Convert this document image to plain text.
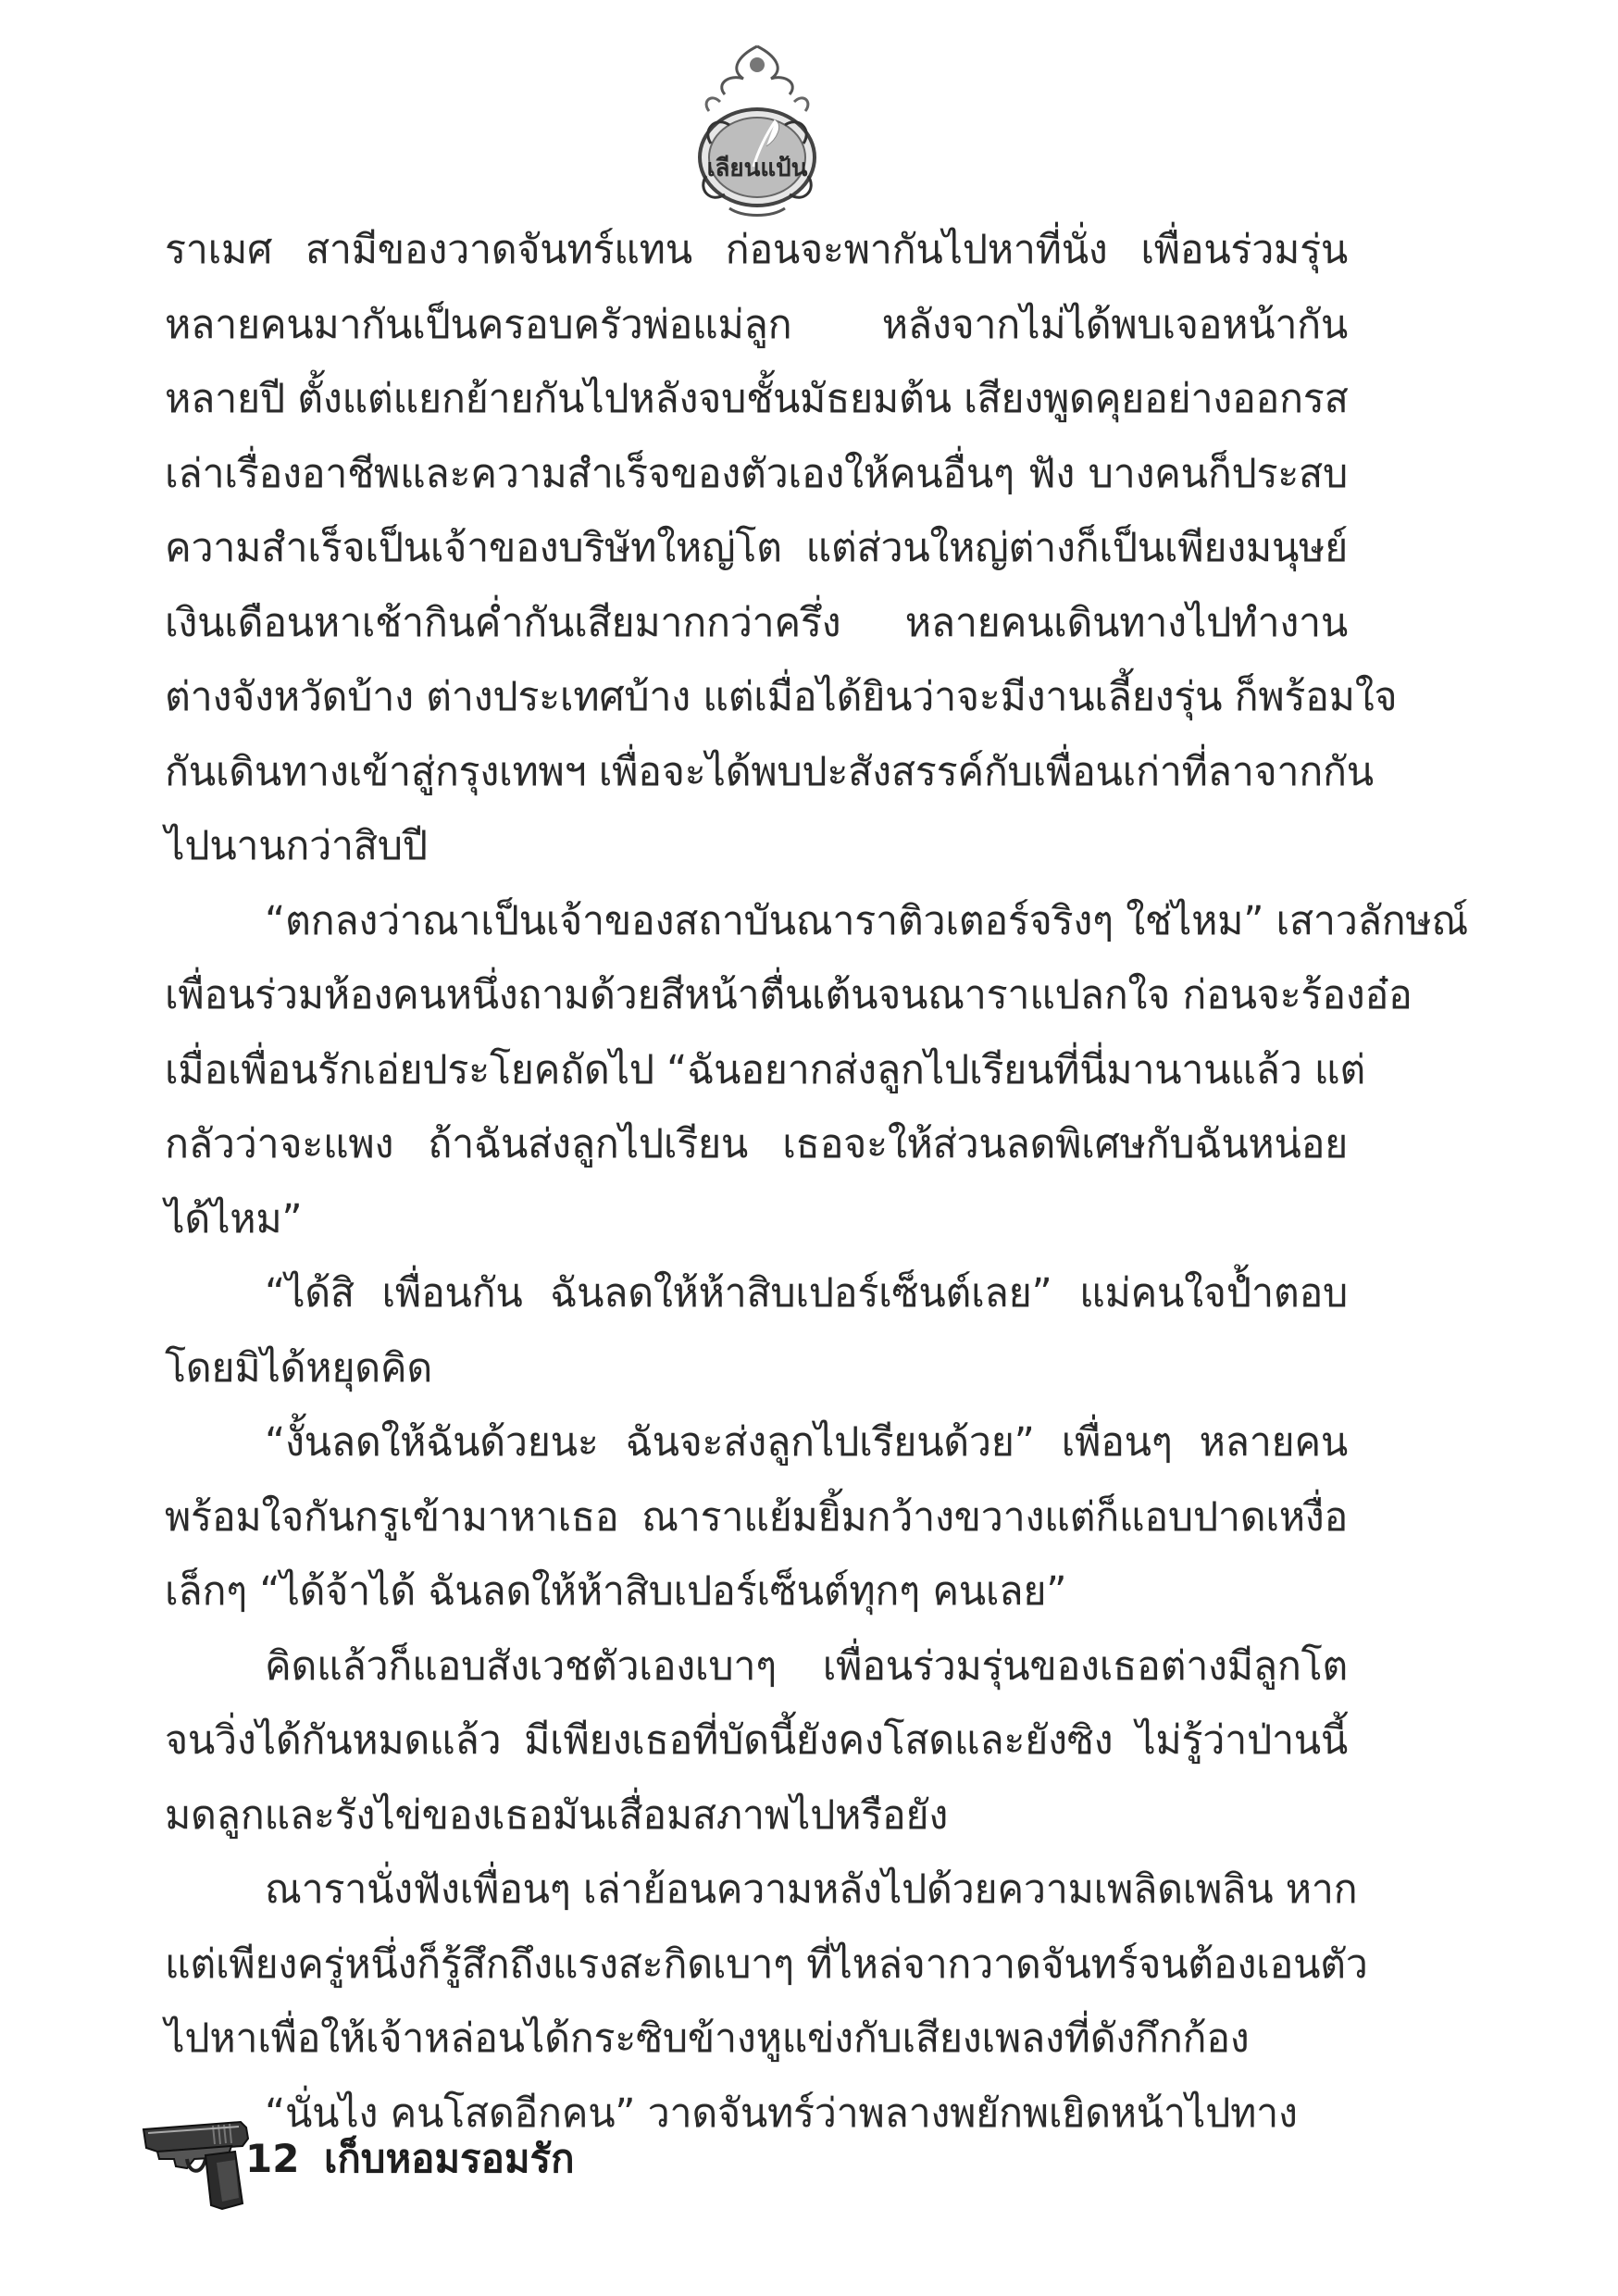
เลียนแป้น
ราเมศ สามีของวาดจันทร์แทน ก่อนจะพากันไปหาที่นั่ง เพื่อนร่วมรุ่น
หลายคนมากันเป็นครอบครัวพ่อแม่ลูก หลังจากไม่ได้พบเจอหน้ากัน
หลายปี ตั้งแต่แยกย้ายกันไปหลังจบชั้นมัธยมต้น เสียงพูดคุยอย่างออกรส
เล่าเรื่องอาชีพและความสำเร็จของตัวเองให้คนอื่นๆ ฟัง บางคนก็ประสบ
ความสำเร็จเป็นเจ้าของบริษัทใหญ่โต แต่ส่วนใหญ่ต่างก็เป็นเพียงมนุษย์
เงินเดือนหาเช้ากินค่ำกันเสียมากกว่าครึ่ง หลายคนเดินทางไปทำงาน
ต่างจังหวัดบ้าง ต่างประเทศบ้าง แต่เมื่อได้ยินว่าจะมีงานเลี้ยงรุ่น ก็พร้อมใจ
กันเดินทางเข้าสู่กรุงเทพฯ เพื่อจะได้พบปะสังสรรค์กับเพื่อนเก่าที่ลาจากกัน
ไปนานกว่าสิบปี
“ตกลงว่าณาเป็นเจ้าของสถาบันณาราติวเตอร์จริงๆ ใช่ไหม” เสาวลักษณ์
เพื่อนร่วมห้องคนหนึ่งถามด้วยสีหน้าตื่นเต้นจนณาราแปลกใจ ก่อนจะร้องอ๋อ
เมื่อเพื่อนรักเอ่ยประโยคถัดไป “ฉันอยากส่งลูกไปเรียนที่นี่มานานแล้ว แต่
กลัวว่าจะแพง ถ้าฉันส่งลูกไปเรียน เธอจะให้ส่วนลดพิเศษกับฉันหน่อย
ได้ไหม”
“ได้สิ เพื่อนกัน ฉันลดให้ห้าสิบเปอร์เซ็นต์เลย” แม่คนใจป้ำตอบ
โดยมิได้หยุดคิด
“งั้นลดให้ฉันด้วยนะ ฉันจะส่งลูกไปเรียนด้วย” เพื่อนๆ หลายคน
พร้อมใจกันกรูเข้ามาหาเธอ ณาราแย้มยิ้มกว้างขวางแต่ก็แอบปาดเหงื่อ
เล็กๆ “ได้จ้าได้ ฉันลดให้ห้าสิบเปอร์เซ็นต์ทุกๆ คนเลย”
คิดแล้วก็แอบสังเวชตัวเองเบาๆ เพื่อนร่วมรุ่นของเธอต่างมีลูกโต
จนวิ่งได้กันหมดแล้ว มีเพียงเธอที่บัดนี้ยังคงโสดและยังซิง ไม่รู้ว่าป่านนี้
มดลูกและรังไข่ของเธอมันเสื่อมสภาพไปหรือยัง
ณารานั่งฟังเพื่อนๆ เล่าย้อนความหลังไปด้วยความเพลิดเพลิน หาก
แต่เพียงครู่หนึ่งก็รู้สึกถึงแรงสะกิดเบาๆ ที่ไหล่จากวาดจันทร์จนต้องเอนตัว
ไปหาเพื่อให้เจ้าหล่อนได้กระซิบข้างหูแข่งกับเสียงเพลงที่ดังกึกก้อง
“นั่นไง คนโสดอีกคน” วาดจันทร์ว่าพลางพยักพเยิดหน้าไปทาง
12 เก็บหอมรอมรัก
